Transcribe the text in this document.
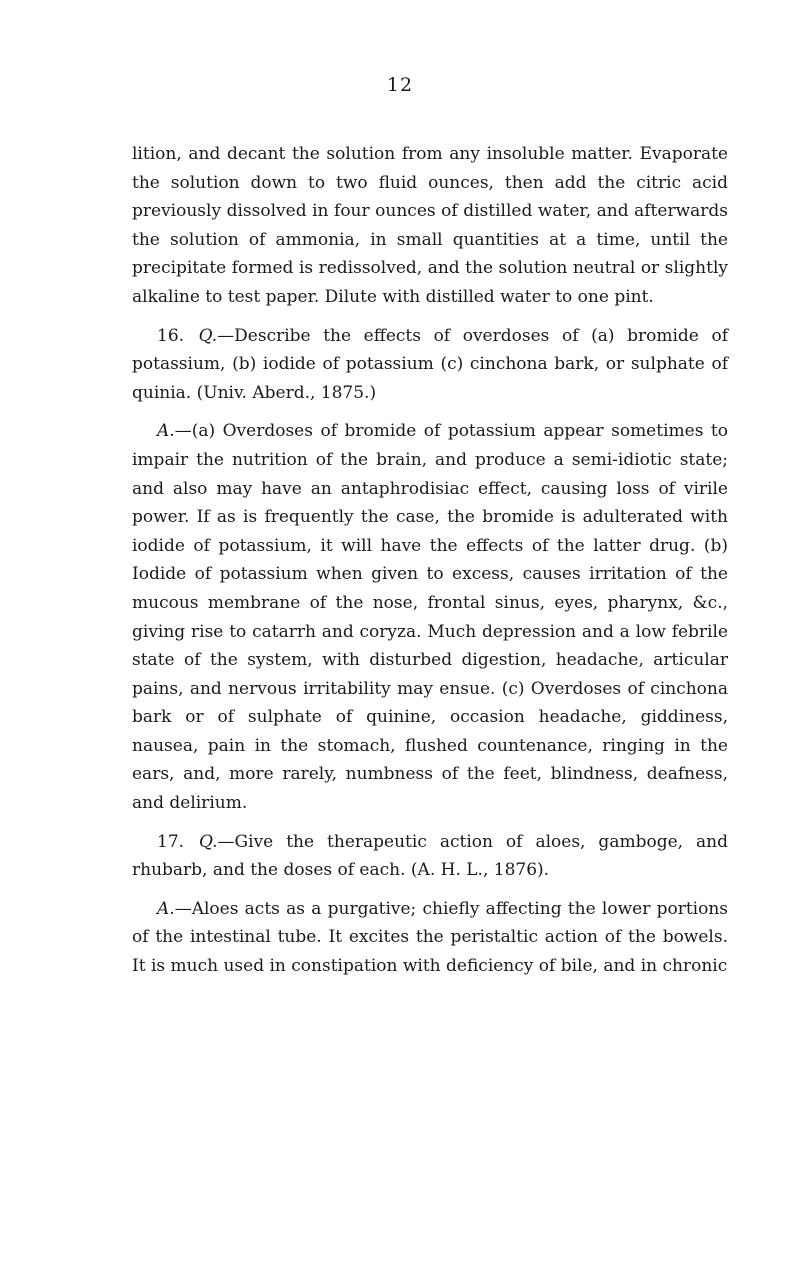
12

lition, and decant the solution from any insoluble matter. Evaporate the solution down to two fluid ounces, then add the citric acid previously dissolved in four ounces of distilled water, and afterwards the solution of ammonia, in small quantities at a time, until the precipitate formed is redissolved, and the solution neutral or slightly alkaline to test paper. Dilute with distilled water to one pint.

16. Q.—Describe the effects of overdoses of (a) bromide of potassium, (b) iodide of potassium (c) cinchona bark, or sulphate of quinia. (Univ. Aberd., 1875.)

A.—(a) Overdoses of bromide of potassium appear sometimes to impair the nutrition of the brain, and produce a semi-idiotic state; and also may have an antaphrodisiac effect, causing loss of virile power. If as is frequently the case, the bromide is adulterated with iodide of potassium, it will have the effects of the latter drug. (b) Iodide of potassium when given to excess, causes irritation of the mucous membrane of the nose, frontal sinus, eyes, pharynx, &c., giving rise to catarrh and coryza. Much depression and a low febrile state of the system, with disturbed digestion, headache, articular pains, and nervous irritability may ensue. (c) Overdoses of cinchona bark or of sulphate of quinine, occasion headache, giddiness, nausea, pain in the stomach, flushed countenance, ringing in the ears, and, more rarely, numbness of the feet, blindness, deafness, and delirium.

17. Q.—Give the therapeutic action of aloes, gamboge, and rhubarb, and the doses of each. (A. H. L., 1876).

A.—Aloes acts as a purgative; chiefly affecting the lower portions of the intestinal tube. It excites the peristaltic action of the bowels. It is much used in constipation with deficiency of bile, and in chronic
